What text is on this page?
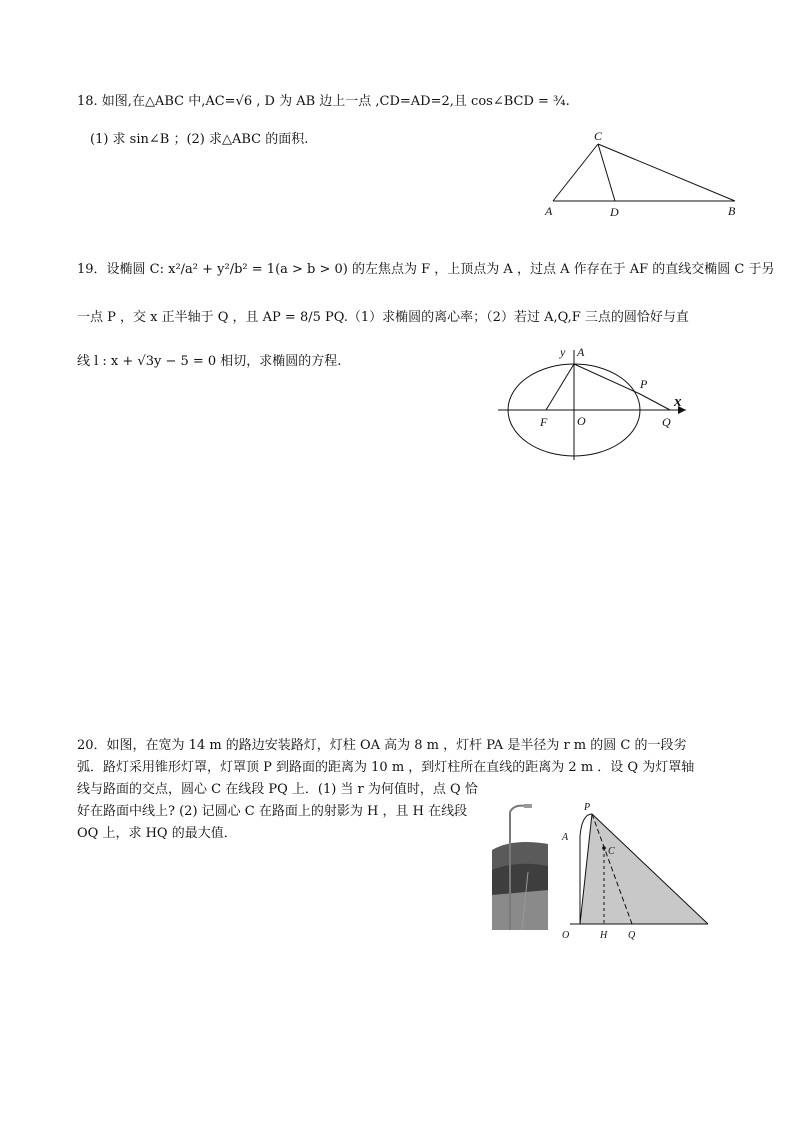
18. 如图,在△ABC 中,AC=√6 , D 为 AB 边上一点 ,CD=AD=2,且 cos∠BCD = ¾.
(1) 求 sin∠B ；(2) 求△ABC 的面积.	C
A	D	B
19．设椭圆 C: x²/a² + y²/b² = 1(a > b > 0) 的左焦点为 F ，上顶点为 A ，过点 A 作存在于 AF 的直线交椭圆 C 于另
一点 P ，交 x 正半轴于 Q ，且 AP = 8/5 PQ.（1）求椭圆的离心率；（2）若过 A,Q,F 三点的圆恰好与直
线 l : x + √3y − 5 = 0 相切，求椭圆的方程.
y A
P
x
F O	Q
20．如图，在宽为 14 m 的路边安装路灯，灯柱 OA 高为 8 m ，灯杆 PA 是半径为 r m 的圆 C 的一段劣
弧．路灯采用锥形灯罩，灯罩顶 P 到路面的距离为 10 m ，到灯柱所在直线的距离为 2 m ．设 Q 为灯罩轴
线与路面的交点，圆心 C 在线段 PQ 上．(1) 当 r 为何值时，点 Q 恰
好在路面中线上? (2) 记圆心 C 在路面上的射影为 H ，且 H 在线段
OQ 上，求 HQ 的最大值．
P
A
C
O	H Q
